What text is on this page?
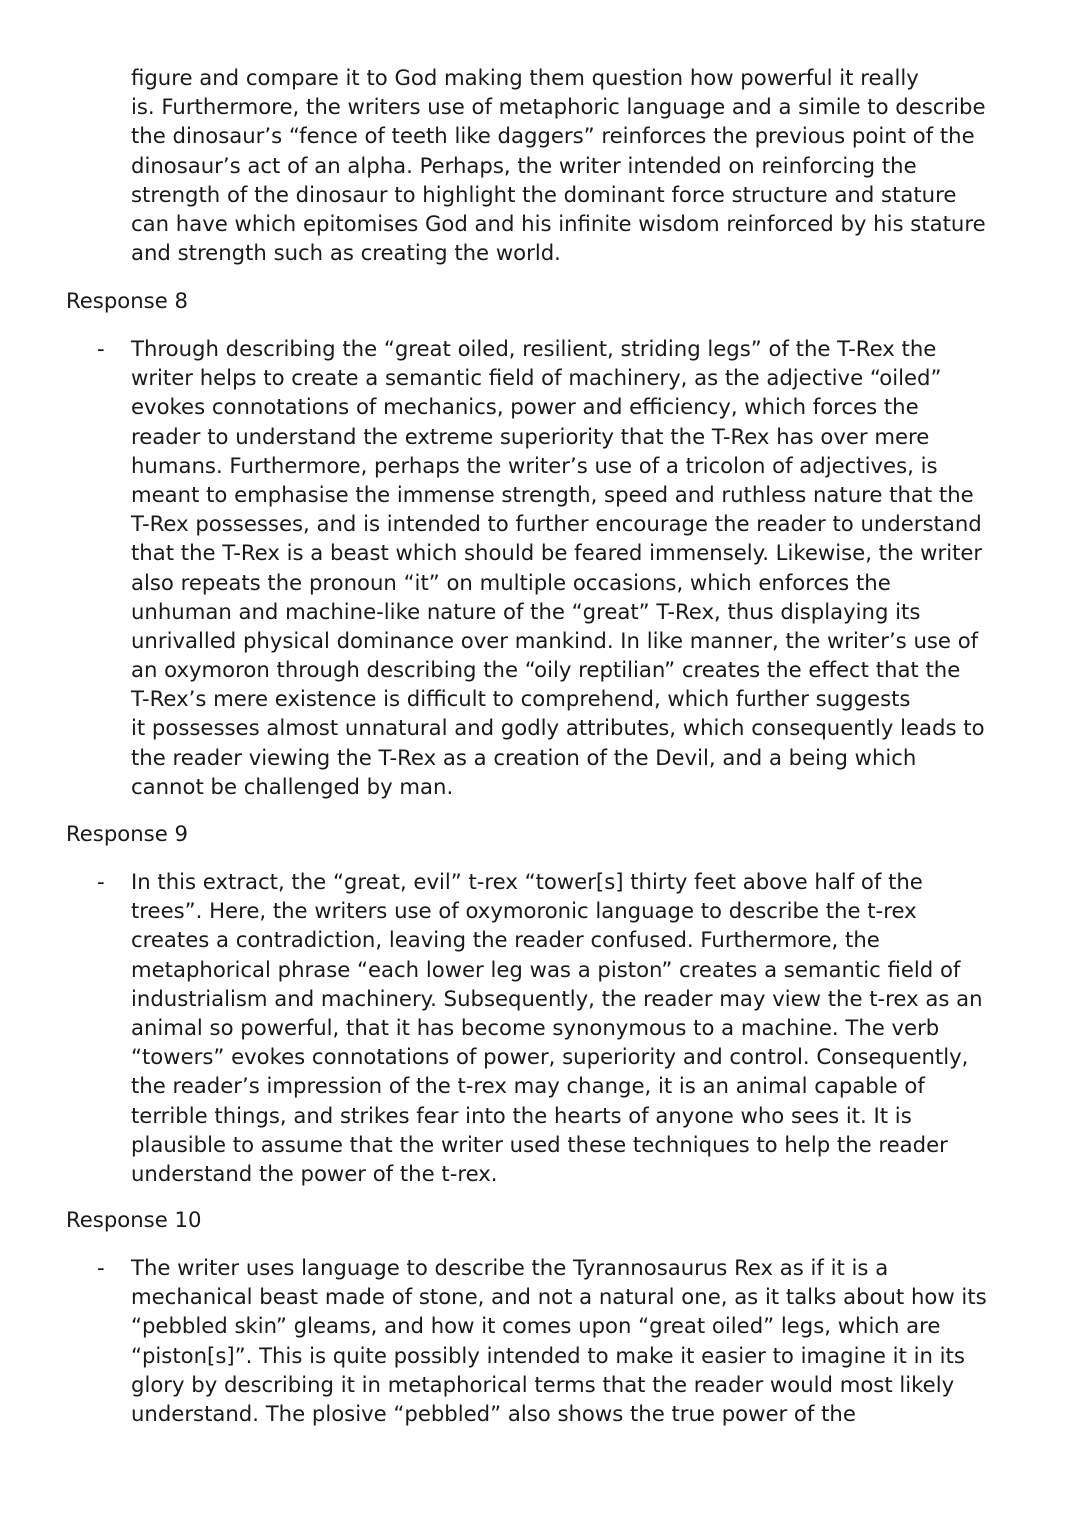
figure and compare it to God making them question how powerful it really
is. Furthermore, the writers use of metaphoric language and a simile to describe
the dinosaur’s “fence of teeth like daggers” reinforces the previous point of the
dinosaur’s act of an alpha. Perhaps, the writer intended on reinforcing the
strength of the dinosaur to highlight the dominant force structure and stature
can have which epitomises God and his infinite wisdom reinforced by his stature
and strength such as creating the world.
Response 8
- Through describing the “great oiled, resilient, striding legs” of the T-Rex the
writer helps to create a semantic field of machinery, as the adjective “oiled”
evokes connotations of mechanics, power and efficiency, which forces the
reader to understand the extreme superiority that the T-Rex has over mere
humans. Furthermore, perhaps the writer’s use of a tricolon of adjectives, is
meant to emphasise the immense strength, speed and ruthless nature that the
T-Rex possesses, and is intended to further encourage the reader to understand
that the T-Rex is a beast which should be feared immensely. Likewise, the writer
also repeats the pronoun “it” on multiple occasions, which enforces the
unhuman and machine-like nature of the “great” T-Rex, thus displaying its
unrivalled physical dominance over mankind. In like manner, the writer’s use of
an oxymoron through describing the “oily reptilian” creates the effect that the
T-Rex’s mere existence is difficult to comprehend, which further suggests
it possesses almost unnatural and godly attributes, which consequently leads to
the reader viewing the T-Rex as a creation of the Devil, and a being which
cannot be challenged by man.
Response 9
- In this extract, the “great, evil” t-rex “tower[s] thirty feet above half of the
trees”. Here, the writers use of oxymoronic language to describe the t-rex
creates a contradiction, leaving the reader confused. Furthermore, the
metaphorical phrase “each lower leg was a piston” creates a semantic field of
industrialism and machinery. Subsequently, the reader may view the t-rex as an
animal so powerful, that it has become synonymous to a machine. The verb
“towers” evokes connotations of power, superiority and control. Consequently,
the reader’s impression of the t-rex may change, it is an animal capable of
terrible things, and strikes fear into the hearts of anyone who sees it. It is
plausible to assume that the writer used these techniques to help the reader
understand the power of the t-rex.
Response 10
- The writer uses language to describe the Tyrannosaurus Rex as if it is a
mechanical beast made of stone, and not a natural one, as it talks about how its
“pebbled skin” gleams, and how it comes upon “great oiled” legs, which are
“piston[s]”. This is quite possibly intended to make it easier to imagine it in its
glory by describing it in metaphorical terms that the reader would most likely
understand. The plosive “pebbled” also shows the true power of the
